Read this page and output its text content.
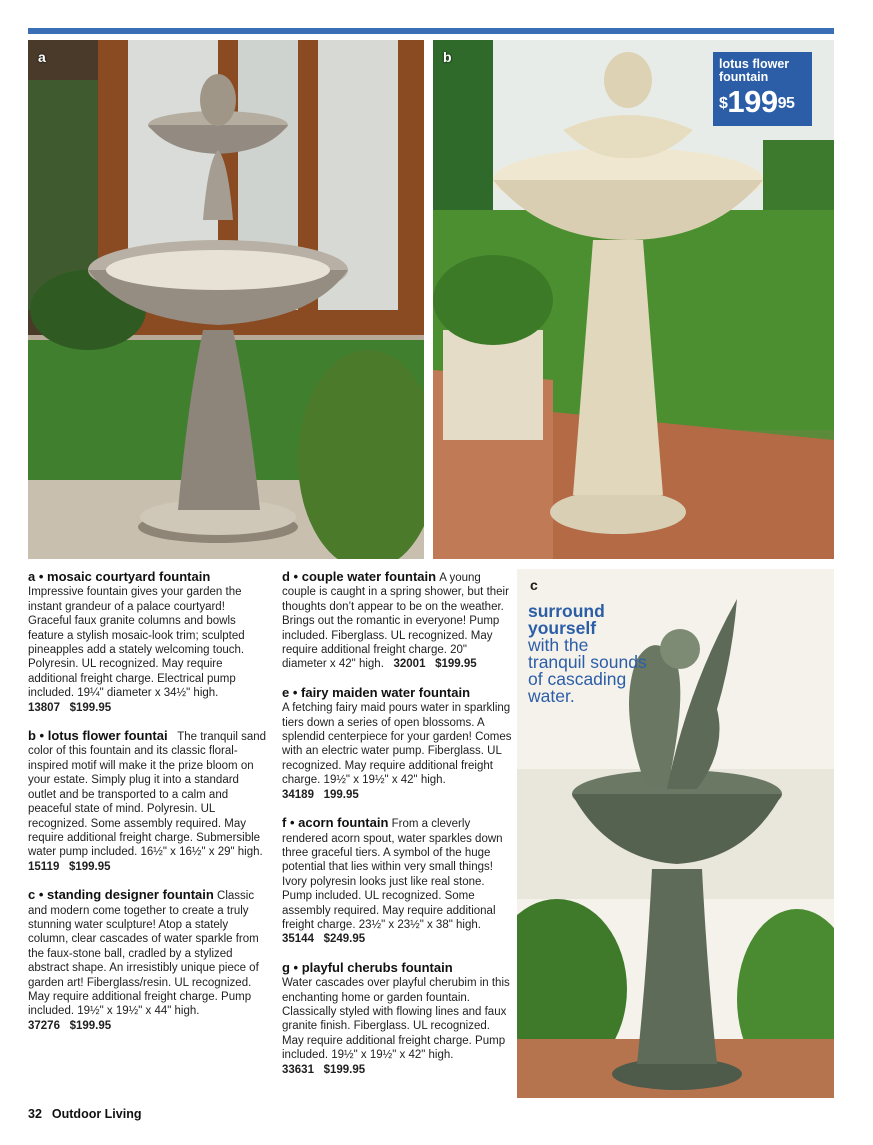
a	b	lotus flower fountain
$^{\$}199^{95}$
c
surround yourself
with the tranquil sounds of cascading water.
a • mosaic courtyard fountain
Impressive fountain gives your garden the instant grandeur of a palace courtyard! Graceful faux granite columns and bowls feature a stylish mosaic-look trim; sculpted pineapples add a stately welcoming touch. Polyresin. UL recognized. May require additional freight charge. Electrical pump included. 19¼" diameter x 34½" high.
13807 $199.95
b • lotus flower fountai The tranquil sand color of this fountain and its classic floral-inspired motif will make it the prize bloom on your estate. Simply plug it into a standard outlet and be transported to a calm and peaceful state of mind. Polyresin. UL recognized. Some assembly required. May require additional freight charge. Submersible water pump included. 16½" x 16½" x 29" high.
15119 $199.95
c • standing designer fountain Classic and modern come together to create a truly stunning water sculpture! Atop a stately column, clear cascades of water sparkle from the faux-stone ball, cradled by a stylized abstract shape. An irresistibly unique piece of garden art! Fiberglass/resin. UL recognized. May require additional freight charge. Pump included. 19½" x 19½" x 44" high.
37276 $199.95
d • couple water fountain A young couple is caught in a spring shower, but their thoughts don’t appear to be on the weather. Brings out the romantic in everyone! Pump included. Fiberglass. UL recognized. May require additional freight charge. 20" diameter x 42" high. 32001 $199.95
e • fairy maiden water fountain
A fetching fairy maid pours water in sparkling tiers down a series of open blossoms. A splendid centerpiece for your garden! Comes with an electric water pump. Fiberglass. UL recognized. May require additional freight charge. 19½" x 19½" x 42" high.
34189 199.95
f • acorn fountain From a cleverly rendered acorn spout, water sparkles down three graceful tiers. A symbol of the huge potential that lies within very small things! Ivory polyresin looks just like real stone. Pump included. UL recognized. Some assembly required. May require additional freight charge. 23½" x 23½" x 38" high.
35144 $249.95
g • playful cherubs fountain
Water cascades over playful cherubim in this enchanting home or garden fountain. Classically styled with flowing lines and faux granite finish. Fiberglass. UL recognized. May require additional freight charge. Pump included. 19½" x 19½" x 42" high.
33631 $199.95
32 Outdoor Living
